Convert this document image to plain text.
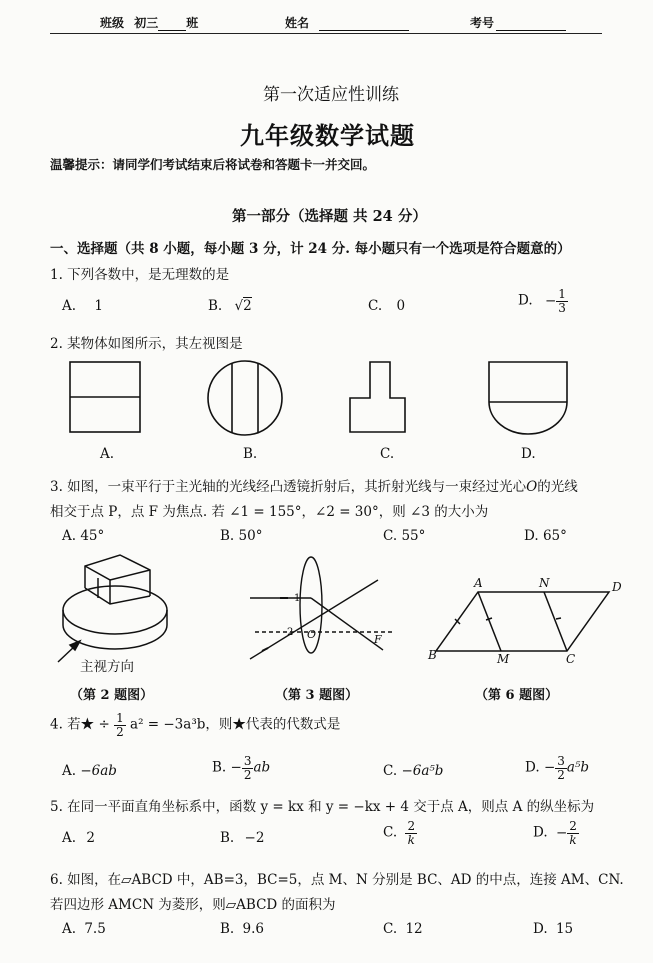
班级 初三 班	姓名	考号
第一次适应性训练
九年级数学试题
温馨提示：请同学们考试结束后将试卷和答题卡一并交回。
第一部分（选择题 共 24 分）
一、选择题（共 8 小题，每小题 3 分，计 24 分. 每小题只有一个选项是符合题意的）
1. 下列各数中，是无理数的是
A. 1	B. √2	C. 0	D. − $\frac{1}{3}$
2. 某物体如图所示，其左视图是
A.	B.	C.	D.
3. 如图，一束平行于主光轴的光线经凸透镜折射后，其折射光线与一束经过光心O的光线
相交于点 P，点 F 为焦点. 若 ∠1 = 155°，∠2 = 30°，则 ∠3 的大小为
A. 45°	B. 50°	C. 55°	D. 65°
主视方向
（第 2 题图）	（第 3 题图）	（第 6 题图）
1
2 O	F
A	N	D
B	M	C
4. 若★ ÷ $\frac{1}{2} a^2 = -3a^3b$，则★代表的代数式是
A. −6ab	B. − $\frac{3}{2}$ ab	C. −6a⁵b	D. − $\frac{3}{2} a^5b$
5. 在同一平面直角坐标系中，函数 y = kx 和 y = −kx + 4 交于点 A，则点 A 的纵坐标为
A. 2	B. −2	C. $\frac{2}{k}$	D. − $\frac{2}{k}$
6. 如图，在▱ABCD 中，AB=3，BC=5，点 M、N 分别是 BC、AD 的中点，连接 AM、CN.
若四边形 AMCN 为菱形，则▱ABCD 的面积为
A. 7.5	B. 9.6	C. 12	D. 15
